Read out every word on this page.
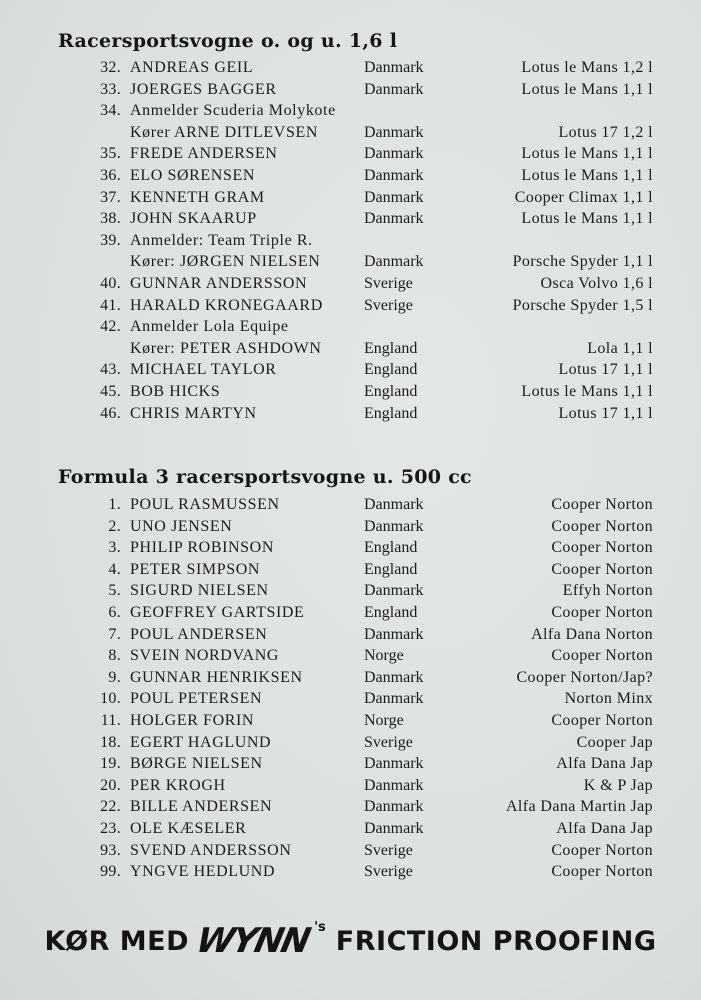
Racersportsvogne o. og u. 1,6 l
32. ANDREAS GEIL	Danmark	Lotus le Mans 1,2 l
33. JOERGES BAGGER	Danmark	Lotus le Mans 1,1 l
34. Anmelder Scuderia Molykote
Kører ARNE DITLEVSEN	Danmark	Lotus 17 1,2 l
35. FREDE ANDERSEN	Danmark	Lotus le Mans 1,1 l
36. ELO SØRENSEN	Danmark	Lotus le Mans 1,1 l
37. KENNETH GRAM	Danmark	Cooper Climax 1,1 l
38. JOHN SKAARUP	Danmark	Lotus le Mans 1,1 l
39. Anmelder: Team Triple R.
Kører: JØRGEN NIELSEN	Danmark	Porsche Spyder 1,1 l
40. GUNNAR ANDERSSON	Sverige	Osca Volvo 1,6 l
41. HARALD KRONEGAARD	Sverige	Porsche Spyder 1,5 l
42. Anmelder Lola Equipe
Kører: PETER ASHDOWN	England	Lola 1,1 l
43. MICHAEL TAYLOR	England	Lotus 17 1,1 l
45. BOB HICKS	England	Lotus le Mans 1,1 l
46. CHRIS MARTYN	England	Lotus 17 1,1 l
Formula 3 racersportsvogne u. 500 cc
1. POUL RASMUSSEN	Danmark	Cooper Norton
2. UNO JENSEN	Danmark	Cooper Norton
3. PHILIP ROBINSON	England	Cooper Norton
4. PETER SIMPSON	England	Cooper Norton
5. SIGURD NIELSEN	Danmark	Effyh Norton
6. GEOFFREY GARTSIDE	England	Cooper Norton
7. POUL ANDERSEN	Danmark	Alfa Dana Norton
8. SVEIN NORDVANG	Norge	Cooper Norton
9. GUNNAR HENRIKSEN	Danmark	Cooper Norton/Jap?
10. POUL PETERSEN	Danmark	Norton Minx
11. HOLGER FORIN	Norge	Cooper Norton
18. EGERT HAGLUND	Sverige	Cooper Jap
19. BØRGE NIELSEN	Danmark	Alfa Dana Jap
20. PER KROGH	Danmark	K & P Jap
22. BILLE ANDERSEN	Danmark	Alfa Dana Martin Jap
23. OLE KÆSELER	Danmark	Alfa Dana Jap
93. SVEND ANDERSSON	Sverige	Cooper Norton
99. YNGVE HEDLUND	Sverige	Cooper Norton
KØR MED WYNN 's FRICTION PROOFING
